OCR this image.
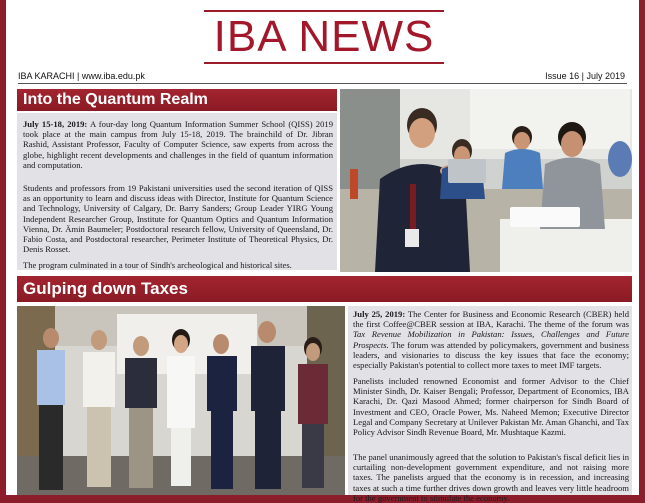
IBA NEWS
IBA KARACHI | www.iba.edu.pk	Issue 16 | July 2019
Into the Quantum Realm

July 15-18, 2019: A four-day long Quantum Information Summer School (QISS) 2019 took place at the main campus from July 15-18, 2019. The brainchild of Dr. Jibran Rashid, Assistant Professor, Faculty of Computer Science, saw experts from across the globe, highlight recent developments and challenges in the field of quantum information and computation.

Students and professors from 19 Pakistani universities used the second iteration of QISS as an opportunity to learn and discuss ideas with Director, Institute for Quantum Science and Technology, University of Calgary, Dr. Barry Sanders; Group Leader YIRG Young Independent Researcher Group, Institute for Quantum Optics and Quantum Information Vienna, Dr. Ämin Baumeler; Postdoctoral research fellow, University of Queensland, Dr. Fabio Costa, and Postdoctoral researcher, Perimeter Institute of Theoretical Physics, Dr. Denis Rosset.

The program culminated in a tour of Sindh's archeological and historical sites.

Gulping down Taxes

July 25, 2019: The Center for Business and Economic Research (CBER) held the first Coffee@CBER session at IBA, Karachi. The theme of the forum was Tax Revenue Mobilization in Pakistan: Issues, Challenges and Future Prospects. The forum was attended by policymakers, government and business leaders, and visionaries to discuss the key issues that face the economy; especially Pakistan's potential to collect more taxes to meet IMF targets.

Panelists included renowned Economist and former Advisor to the Chief Minister Sindh, Dr. Kaiser Bengali; Professor, Department of Economics, IBA Karachi, Dr. Qazi Masood Ahmed; former chairperson for Sindh Board of Investment and CEO, Oracle Power, Ms. Naheed Memon; Executive Director Legal and Company Secretary at Unilever Pakistan Mr. Aman Ghanchi, and Tax Policy Advisor Sindh Revenue Board, Mr. Mushtaque Kazmi.

The panel unanimously agreed that the solution to Pakistan's fiscal deficit lies in curtailing non-development government expenditure, and not raising more taxes. The panelists argued that the economy is in recession, and increasing taxes at such a time further drives down growth and leaves very little headroom for the government to stimulate the economy.
